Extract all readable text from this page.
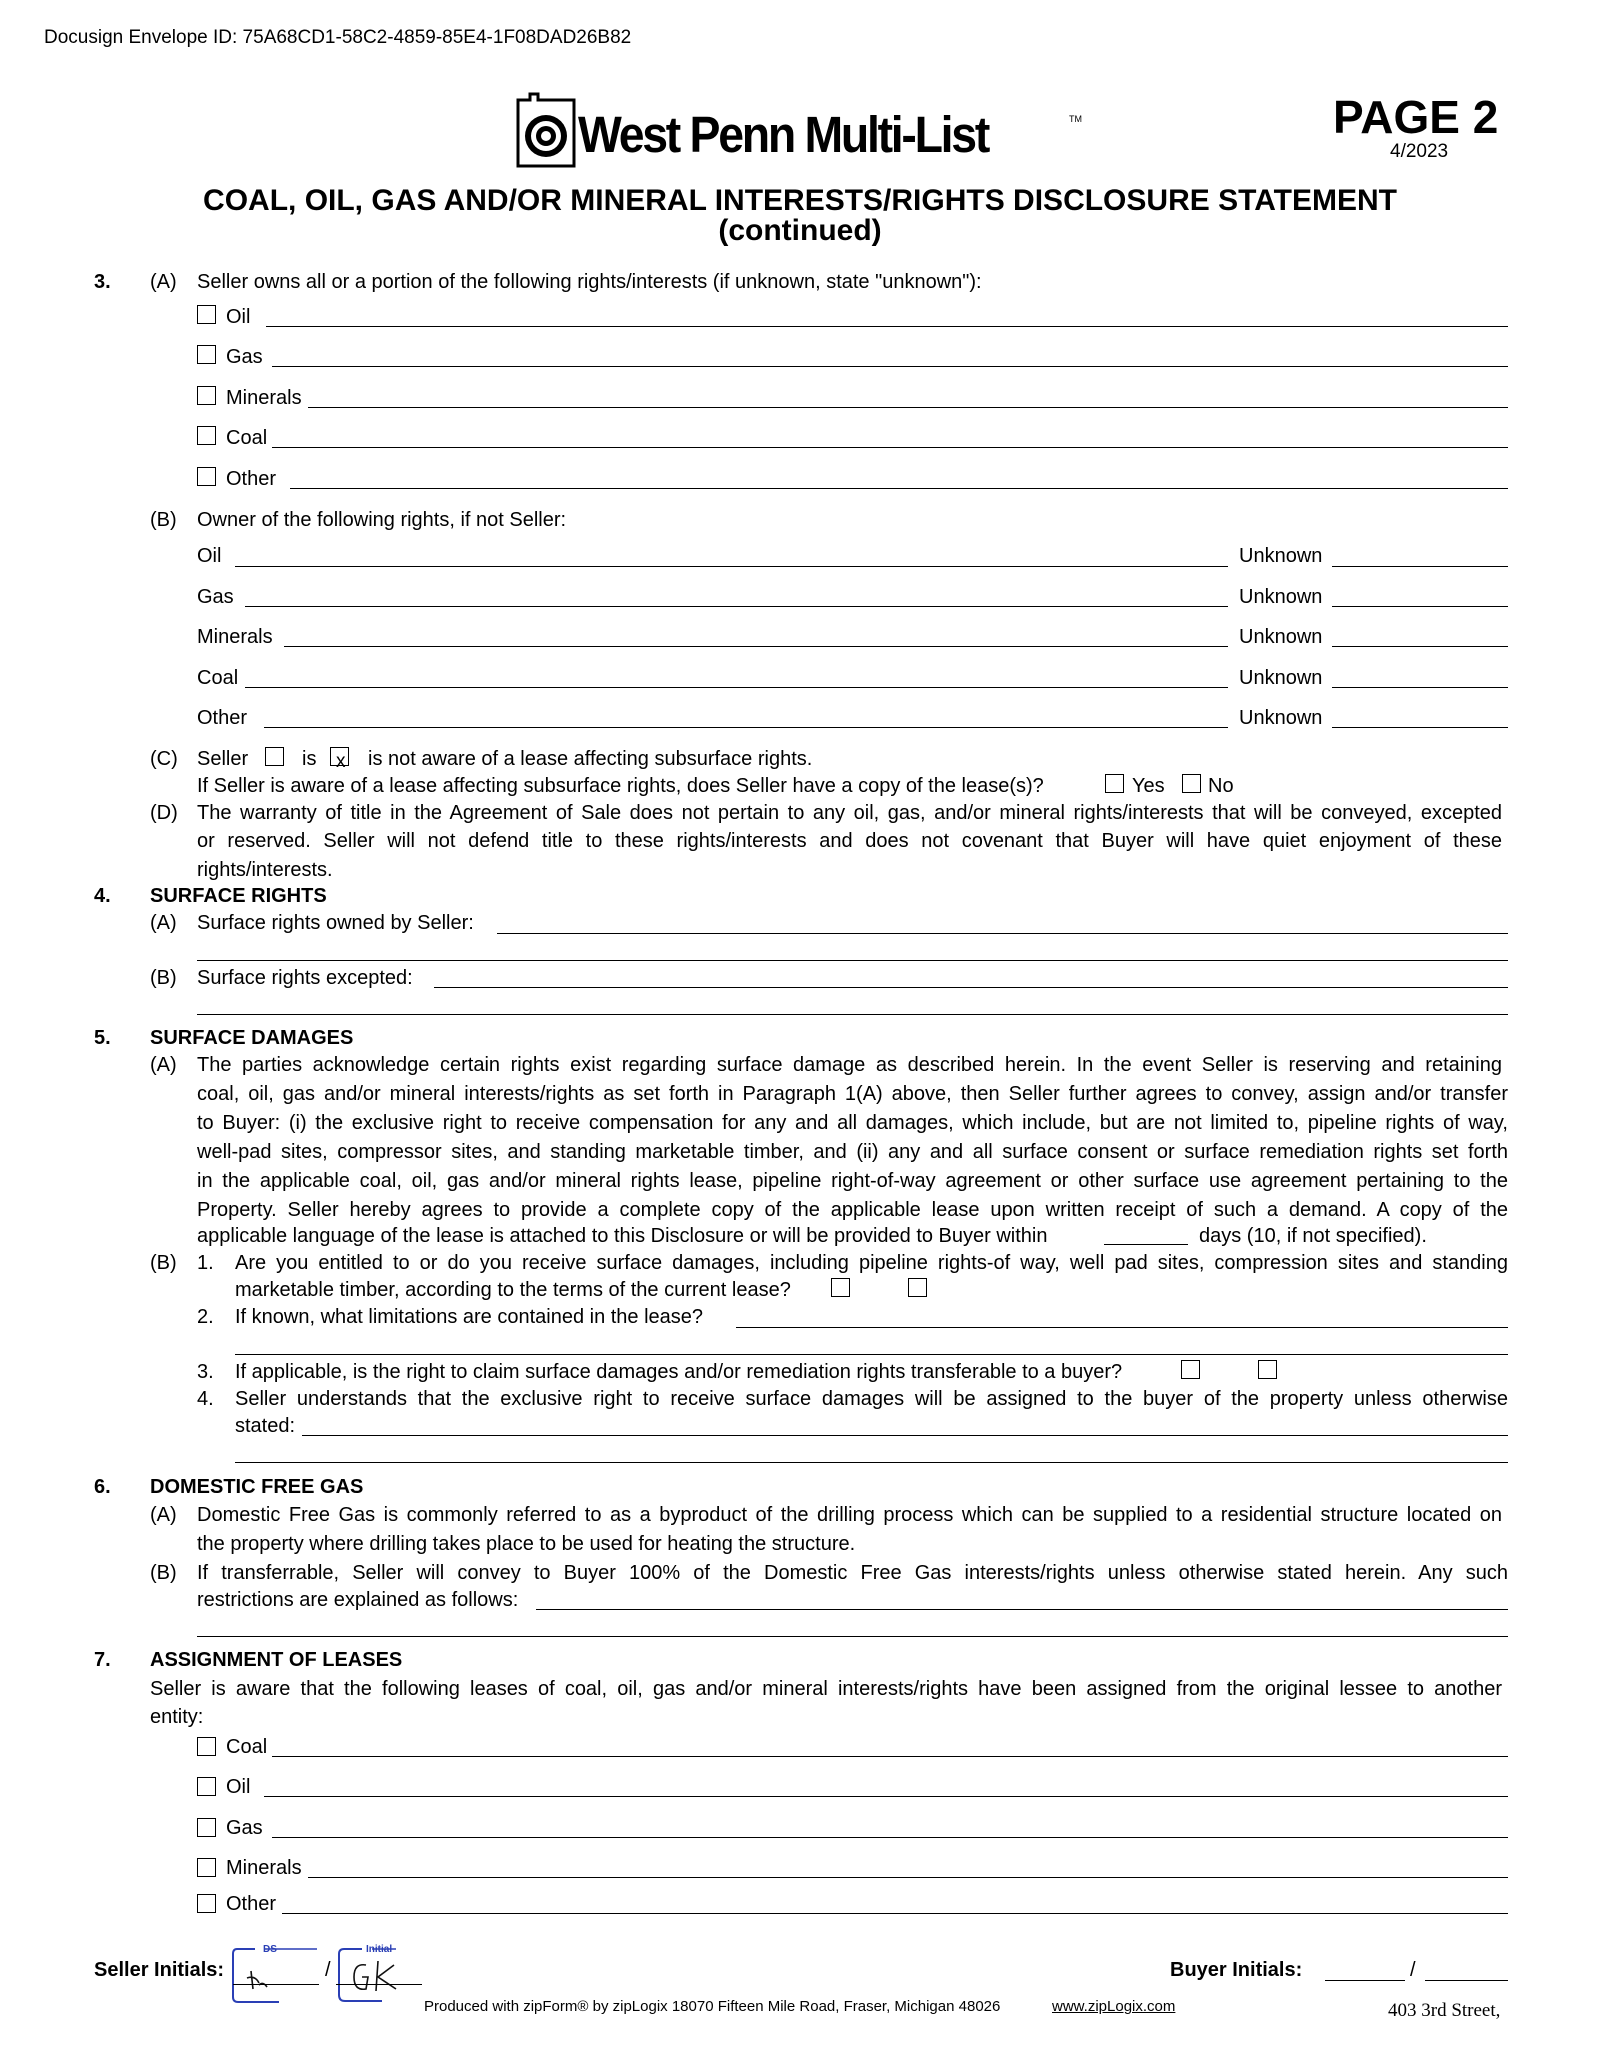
Docusign Envelope ID: 75A68CD1-58C2-4859-85E4-1F08DAD26B82
West Penn Multi-List	TM	PAGE 2
4/2023
COAL, OIL, GAS AND/OR MINERAL INTERESTS/RIGHTS DISCLOSURE STATEMENT
(continued)
3. (A) Seller owns all or a portion of the following rights/interests (if unknown, state "unknown"):
Oil
Gas
Minerals
Coal
Other
(B) Owner of the following rights, if not Seller:
Oil	Unknown
Gas	Unknown
Minerals	Unknown
Coal	Unknown
Other	Unknown
(C) Seller	is x is not aware of a lease affecting subsurface rights.
If Seller is aware of a lease affecting subsurface rights, does Seller have a copy of the lease(s)?	Yes No
(D) The warranty of title in the Agreement of Sale does not pertain to any oil, gas, and/or mineral rights/interests that will be conveyed, excepted
or reserved. Seller will not defend title to these rights/interests and does not covenant that Buyer will have quiet enjoyment of these
rights/interests.
4. SURFACE RIGHTS
(A) Surface rights owned by Seller:
(B) Surface rights excepted:
5. SURFACE DAMAGES
(A) The parties acknowledge certain rights exist regarding surface damage as described herein. In the event Seller is reserving and retaining
coal, oil, gas and/or mineral interests/rights as set forth in Paragraph 1(A) above, then Seller further agrees to convey, assign and/or transfer
to Buyer: (i) the exclusive right to receive compensation for any and all damages, which include, but are not limited to, pipeline rights of way,
well-pad sites, compressor sites, and standing marketable timber, and (ii) any and all surface consent or surface remediation rights set forth
in the applicable coal, oil, gas and/or mineral rights lease, pipeline right-of-way agreement or other surface use agreement pertaining to the
Property. Seller hereby agrees to provide a complete copy of the applicable lease upon written receipt of such a demand. A copy of the
applicable language of the lease is attached to this Disclosure or will be provided to Buyer within	days (10, if not specified).
(B) 1. Are you entitled to or do you receive surface damages, including pipeline rights-of way, well pad sites, compression sites and standing
marketable timber, according to the terms of the current lease?
2. If known, what limitations are contained in the lease?
3. If applicable, is the right to claim surface damages and/or remediation rights transferable to a buyer?
4. Seller understands that the exclusive right to receive surface damages will be assigned to the buyer of the property unless otherwise
stated:
6. DOMESTIC FREE GAS
(A) Domestic Free Gas is commonly referred to as a byproduct of the drilling process which can be supplied to a residential structure located on
the property where drilling takes place to be used for heating the structure.
(B) If transferrable, Seller will convey to Buyer 100% of the Domestic Free Gas interests/rights unless otherwise stated herein. Any such
restrictions are explained as follows:
7. ASSIGNMENT OF LEASES
Seller is aware that the following leases of coal, oil, gas and/or mineral interests/rights have been assigned from the original lessee to another
entity:
Coal
Oil
Gas
Minerals
Other
Seller Initials:
DS
/
Initial
Buyer Initials:	/
Produced with zipForm® by zipLogix 18070 Fifteen Mile Road, Fraser, Michigan 48026	www.zipLogix.com	403 3rd Street,
